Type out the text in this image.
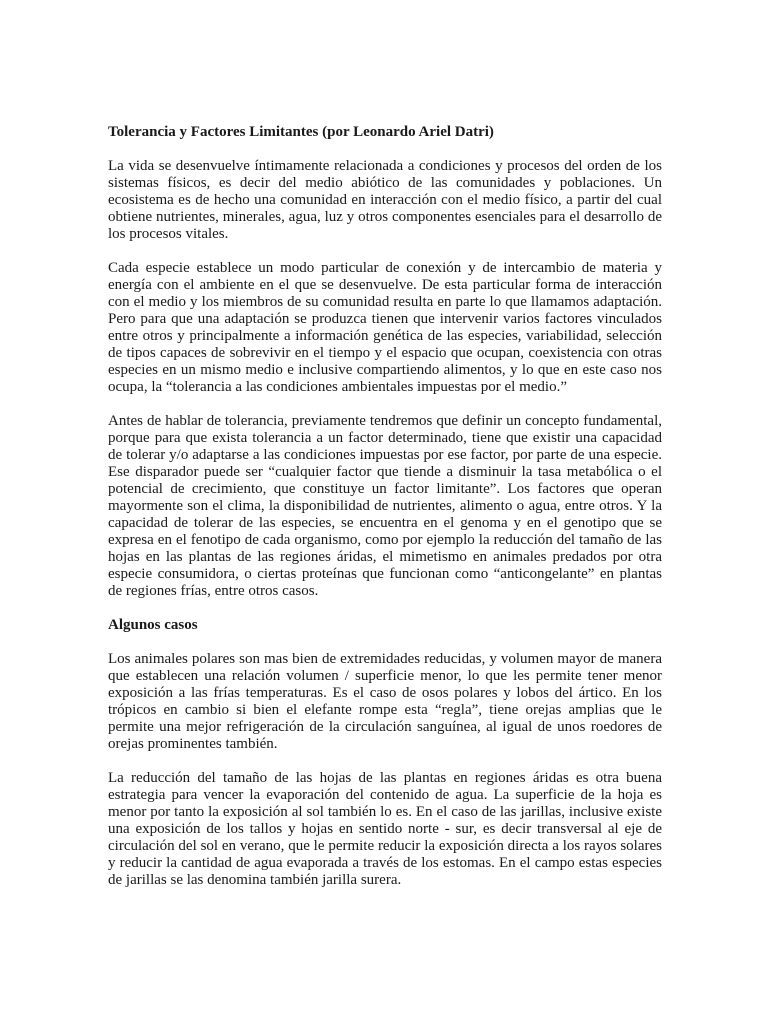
Tolerancia y Factores Limitantes (por Leonardo Ariel Datri)

La vida se desenvuelve íntimamente relacionada a condiciones y procesos del orden de los sistemas físicos, es decir del medio abiótico de las comunidades y poblaciones. Un ecosistema es de hecho una comunidad en interacción con el medio físico, a partir del cual obtiene nutrientes, minerales, agua, luz y otros componentes esenciales para el desarrollo de los procesos vitales.

Cada especie establece un modo particular de conexión y de intercambio de materia y energía con el ambiente en el que se desenvuelve. De esta particular forma de interacción con el medio y los miembros de su comunidad resulta en parte lo que llamamos adaptación. Pero para que una adaptación se produzca tienen que intervenir varios factores vinculados entre otros y principalmente a información genética de las especies, variabilidad, selección de tipos capaces de sobrevivir en el tiempo y el espacio que ocupan, coexistencia con otras especies en un mismo medio e inclusive compartiendo alimentos, y lo que en este caso nos ocupa, la “tolerancia a las condiciones ambientales impuestas por el medio.”

Antes de hablar de tolerancia, previamente tendremos que definir un concepto fundamental, porque para que exista tolerancia a un factor determinado, tiene que existir una capacidad de tolerar y/o adaptarse a las condiciones impuestas por ese factor, por parte de una especie. Ese disparador puede ser “cualquier factor que tiende a disminuir la tasa metabólica o el potencial de crecimiento, que constituye un factor limitante”. Los factores que operan mayormente son el clima, la disponibilidad de nutrientes, alimento o agua, entre otros. Y la capacidad de tolerar de las especies, se encuentra en el genoma y en el genotipo que se expresa en el fenotipo de cada organismo, como por ejemplo la reducción del tamaño de las hojas en las plantas de las regiones áridas, el mimetismo en animales predados por otra especie consumidora, o ciertas proteínas que funcionan como “anticongelante” en plantas de regiones frías, entre otros casos.

Algunos casos

Los animales polares son mas bien de extremidades reducidas, y volumen mayor de manera que establecen una relación volumen / superficie menor, lo que les permite tener menor exposición a las frías temperaturas. Es el caso de osos polares y lobos del ártico. En los trópicos en cambio si bien el elefante rompe esta “regla”, tiene orejas amplias que le permite una mejor refrigeración de la circulación sanguínea, al igual de unos roedores de orejas prominentes también.

La reducción del tamaño de las hojas de las plantas en regiones áridas es otra buena estrategia para vencer la evaporación del contenido de agua. La superficie de la hoja es menor por tanto la exposición al sol también lo es. En el caso de las jarillas, inclusive existe una exposición de los tallos y hojas en sentido norte - sur, es decir transversal al eje de circulación del sol en verano, que le permite reducir la exposición directa a los rayos solares y reducir la cantidad de agua evaporada a través de los estomas. En el campo estas especies de jarillas se las denomina también jarilla surera.
